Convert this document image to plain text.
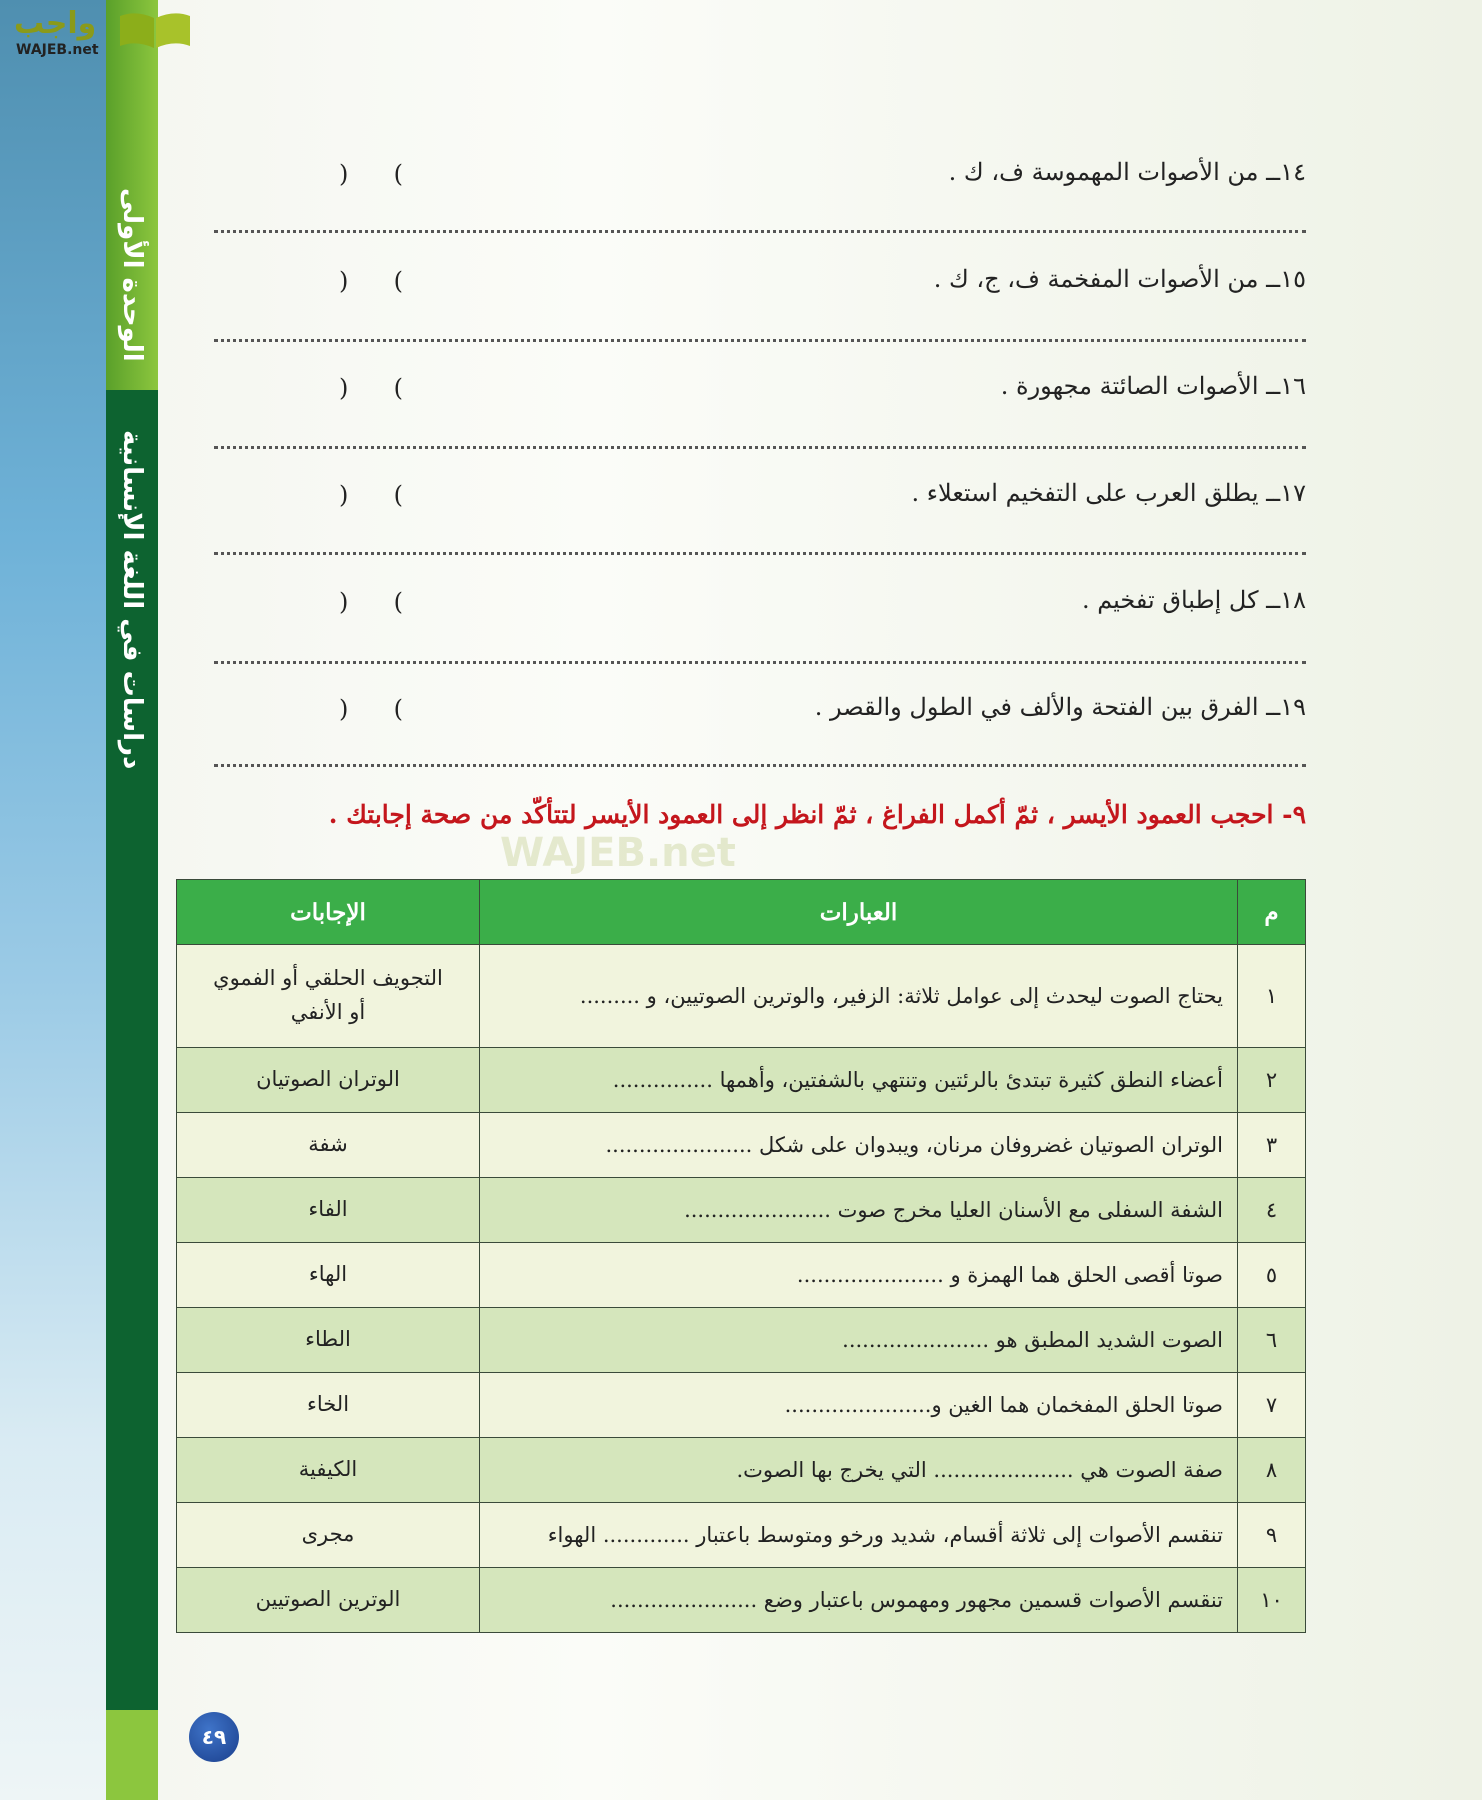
الوحدة الأولى
دراسات في اللغة الإنسانية
واجب
WAJEB.net
WAJEB.net
١٤ــ من الأصوات المهموسة ف، ك .
) (
١٥ــ من الأصوات المفخمة ف، ج، ك .
) (
١٦ــ الأصوات الصائتة مجهورة .
) (
١٧ــ يطلق العرب على التفخيم استعلاء .
) (
١٨ــ كل إطباق تفخيم .
) (
١٩ــ الفرق بين الفتحة والألف في الطول والقصر .
) (
٩- احجب العمود الأيسر ، ثمّ أكمل الفراغ ، ثمّ انظر إلى العمود الأيسر لتتأكّد من صحة إجابتك .
م	العبارات	الإجابات
١	يحتاج الصوت ليحدث إلى عوامل ثلاثة: الزفير، والوترين الصوتيين، و .........	التجويف الحلقي أو الفموي أو الأنفي
٢	أعضاء النطق كثيرة تبتدئ بالرئتين وتنتهي بالشفتين، وأهمها ...............	الوتران الصوتيان
٣	الوتران الصوتيان غضروفان مرنان، ويبدوان على شكل ......................	شفة
٤	الشفة السفلى مع الأسنان العليا مخرج صوت ......................	الفاء
٥	صوتا أقصى الحلق هما الهمزة و ......................	الهاء
٦	الصوت الشديد المطبق هو ......................	الطاء
٧	صوتا الحلق المفخمان هما الغين و......................	الخاء
٨	صفة الصوت هي ..................... التي يخرج بها الصوت.	الكيفية
٩	تنقسم الأصوات إلى ثلاثة أقسام، شديد ورخو ومتوسط باعتبار ............. الهواء	مجرى
١٠	تنقسم الأصوات قسمين مجهور ومهموس باعتبار وضع ......................	الوترين الصوتيين
٤٩
